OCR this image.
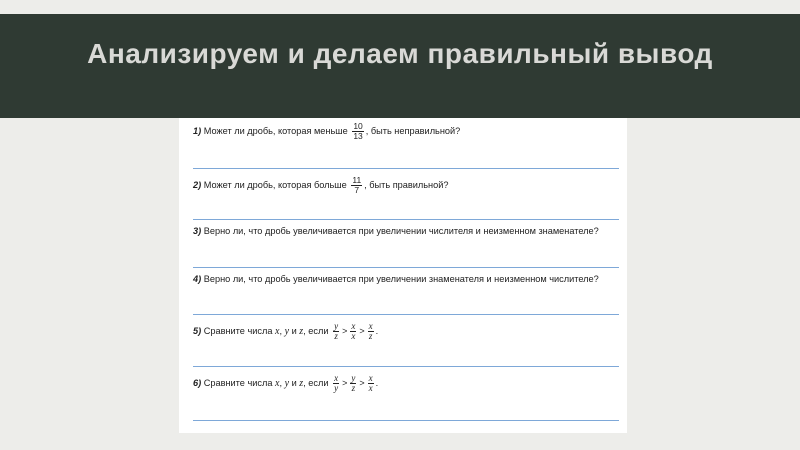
Анализируем и делаем правильный вывод
1) Может ли дробь, которая меньше $\frac{10}{13}$ , быть неправильной?
2) Может ли дробь, которая больше $\frac{11}{7}$ , быть правильной?
3) Верно ли, что дробь увеличивается при увеличении числителя и неизменном знаменателе?
4) Верно ли, что дробь увеличивается при увеличении знаменателя и неизменном числителе?
5) Сравните числа x, y и z, если $\frac{y}{z} > \frac{x}{x} > \frac{x}{z}$ .
6) Сравните числа x, y и z, если $\frac{x}{y} > \frac{y}{z} > \frac{x}{x}$ .
